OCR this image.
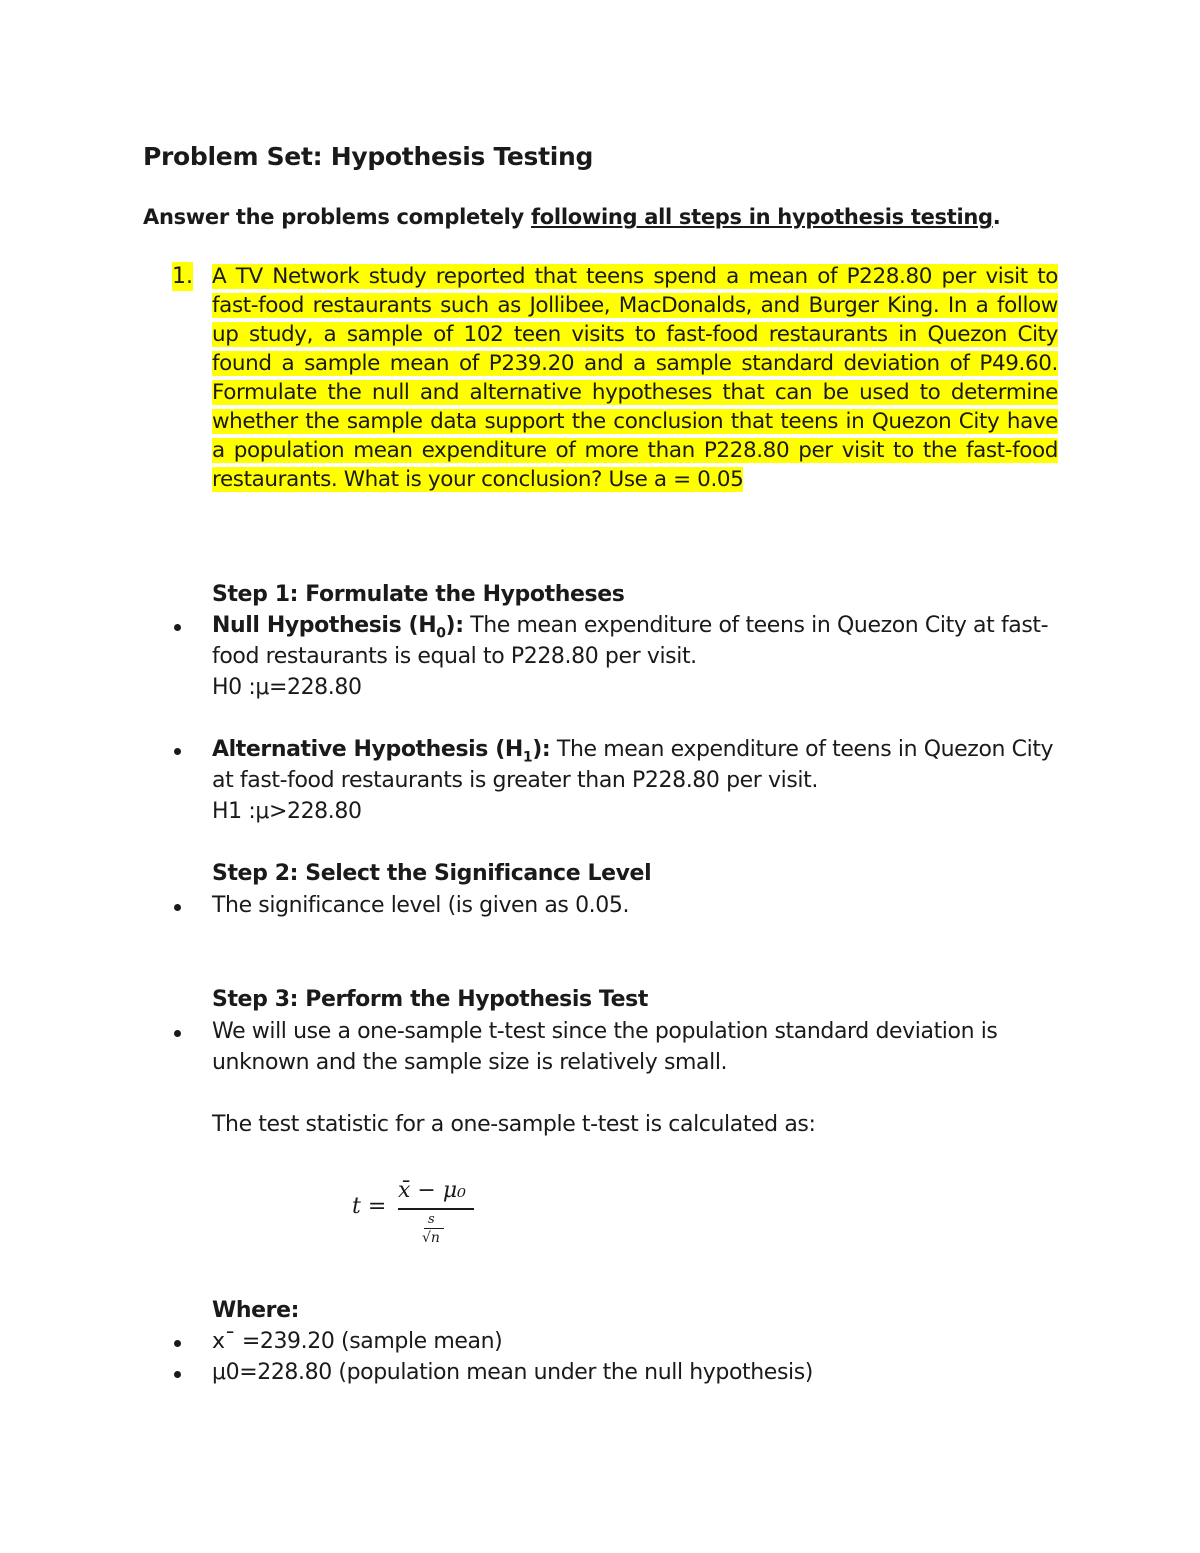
Problem Set: Hypothesis Testing
Answer the problems completely following all steps in hypothesis testing.
1. A TV Network study reported that teens spend a mean of P228.80 per visit to fast-food restaurants such as Jollibee, MacDonalds, and Burger King. In a follow up study, a sample of 102 teen visits to fast-food restaurants in Quezon City found a sample mean of P239.20 and a sample standard deviation of P49.60. Formulate the null and alternative hypotheses that can be used to determine whether the sample data support the conclusion that teens in Quezon City have a population mean expenditure of more than P228.80 per visit to the fast-food restaurants. What is your conclusion? Use a = 0.05
Step 1: Formulate the Hypotheses
Null Hypothesis $(H_0)$: The mean expenditure of teens in Quezon City at fast-
food restaurants is equal to P228.80 per visit.
H0 :μ=228.80
Alternative Hypothesis $(H_1)$: The mean expenditure of teens in Quezon City
at fast-food restaurants is greater than P228.80 per visit.
H1 :μ>228.80
Step 2: Select the Significance Level
The significance level (is given as 0.05.
Step 3: Perform the Hypothesis Test
We will use a one-sample t-test since the population standard deviation is
unknown and the sample size is relatively small.
The test statistic for a one-sample t-test is calculated as:
t =
x̄ − μ₀
s
√n
Where:
x¯ =239.20 (sample mean)
μ0=228.80 (population mean under the null hypothesis)
